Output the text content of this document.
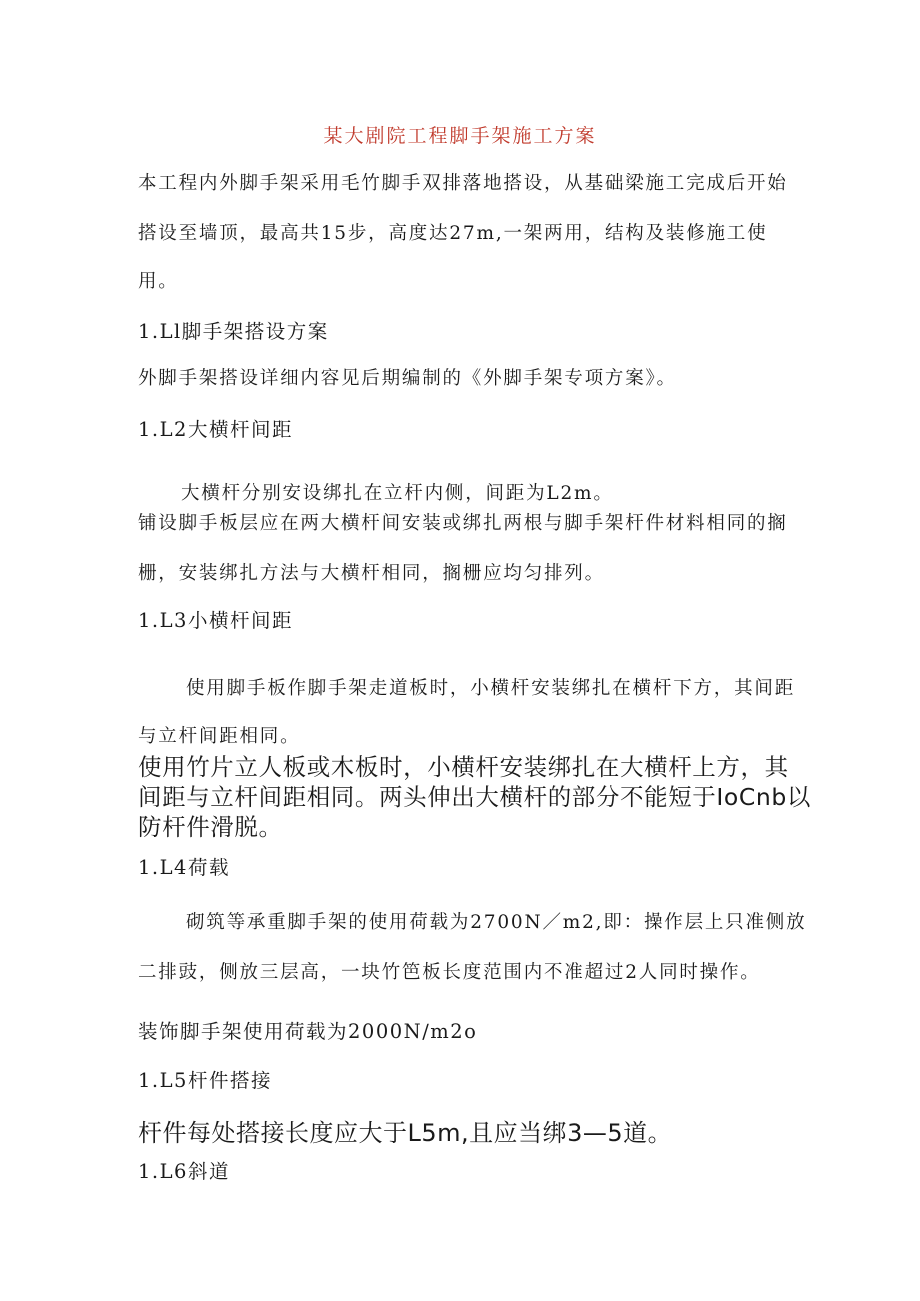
某大剧院工程脚手架施工方案
本工程内外脚手架采用毛竹脚手双排落地搭设，从基础梁施工完成后开始
搭设至墙顶，最高共15步，高度达27m,一架两用，结构及装修施工使
用。
1.Ll脚手架搭设方案
外脚手架搭设详细内容见后期编制的《外脚手架专项方案》。
1.L2大横杆间距
大横杆分别安设绑扎在立杆内侧，间距为L2m。
铺设脚手板层应在两大横杆间安装或绑扎两根与脚手架杆件材料相同的搁
栅，安装绑扎方法与大横杆相同，搁栅应均匀排列。
1.L3小横杆间距
使用脚手板作脚手架走道板时，小横杆安装绑扎在横杆下方，其间距
与立杆间距相同。
使用竹片立人板或木板时，小横杆安装绑扎在大横杆上方，其
间距与立杆间距相同。两头伸出大横杆的部分不能短于IoCnb以
防杆件滑脱。
1.L4荷载
砌筑等承重脚手架的使用荷载为2700N／m2,即：操作层上只准侧放
二排豉，侧放三层高，一块竹笆板长度范围内不准超过2人同时操作。
装饰脚手架使用荷载为2000N∕m2o
1.L5杆件搭接
杆件每处搭接长度应大于L5m,且应当绑3—5道。
1.L6斜道
